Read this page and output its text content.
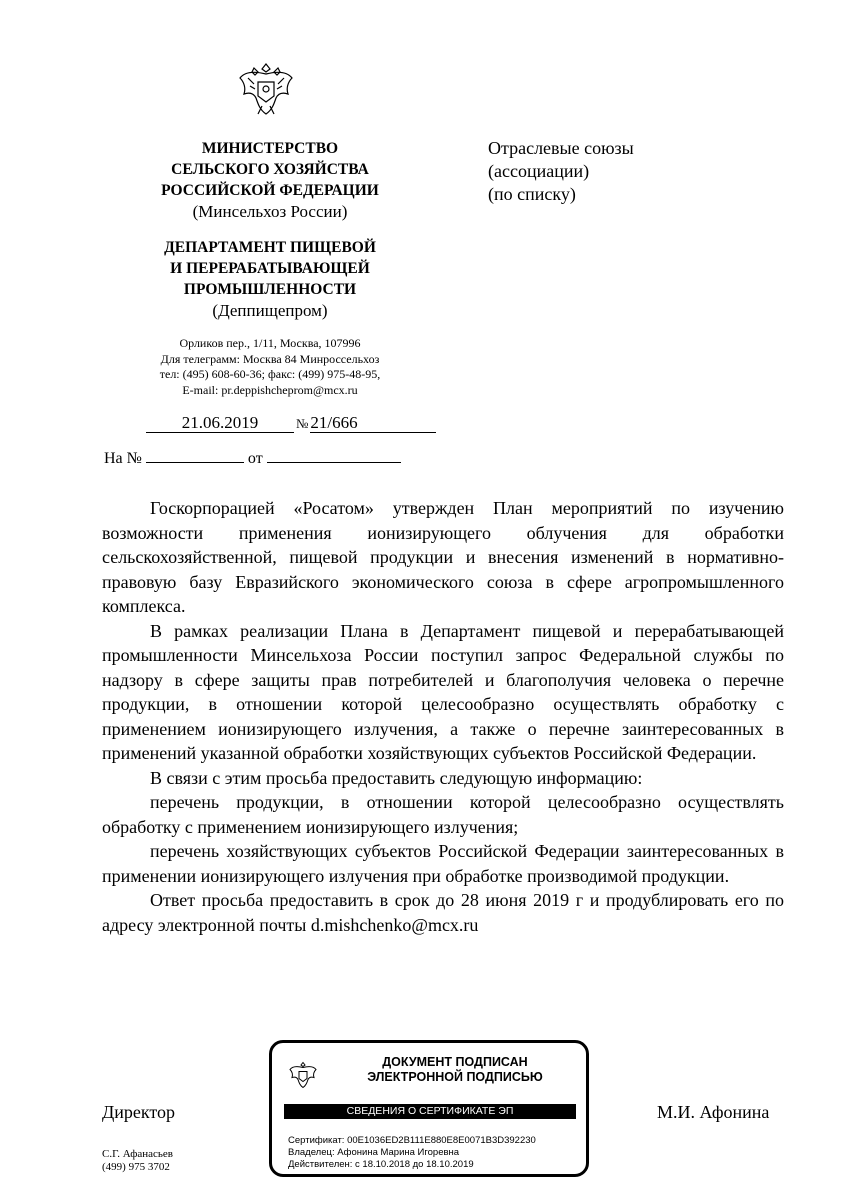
МИНИСТЕРСТВО
СЕЛЬСКОГО ХОЗЯЙСТВА
РОССИЙСКОЙ ФЕДЕРАЦИИ
(Минсельхоз России)
ДЕПАРТАМЕНТ ПИЩЕВОЙ
И ПЕРЕРАБАТЫВАЮЩЕЙ
ПРОМЫШЛЕННОСТИ
(Деппищепром)
Орликов пер., 1/11, Москва, 107996
Для телеграмм: Москва 84 Минроссельхоз
тел: (495) 608-60-36; факс: (499) 975-48-95,
E-mail: pr.deppishcheprom@mcx.ru
21.06.2019	№ 21/666
На №	от
Отраслевые союзы
(ассоциации)
(по списку)

Госкорпорацией «Росатом» утвержден План мероприятий по изучению возможности применения ионизирующего облучения для обработки сельскохозяйственной, пищевой продукции и внесения изменений в нормативно-правовую базу Евразийского экономического союза в сфере агропромышленного комплекса.

В рамках реализации Плана в Департамент пищевой и перерабатывающей промышленности Минсельхоза России поступил запрос Федеральной службы по надзору в сфере защиты прав потребителей и благополучия человека о перечне продукции, в отношении которой целесообразно осуществлять обработку с применением ионизирующего излучения, а также о перечне заинтересованных в применений указанной обработки хозяйствующих субъектов Российской Федерации.

В связи с этим просьба предоставить следующую информацию:

перечень продукции, в отношении которой целесообразно осуществлять обработку с применением ионизирующего излучения;

перечень хозяйствующих субъектов Российской Федерации заинтересованных в применении ионизирующего излучения при обработке производимой продукции.

Ответ просьба предоставить в срок до 28 июня 2019 г и продублировать его по адресу электронной почты d.mishchenko@mcx.ru

Директор	М.И. Афонина
ДОКУМЕНТ ПОДПИСАН
ЭЛЕКТРОННОЙ ПОДПИСЬЮ
СВЕДЕНИЯ О СЕРТИФИКАТЕ ЭП
Сертификат: 00E1036ED2B111E880E8E0071B3D392230
Владелец: Афонина Марина Игоревна
Действителен: с 18.10.2018 до 18.10.2019
С.Г. Афанасьев
(499) 975 3702
